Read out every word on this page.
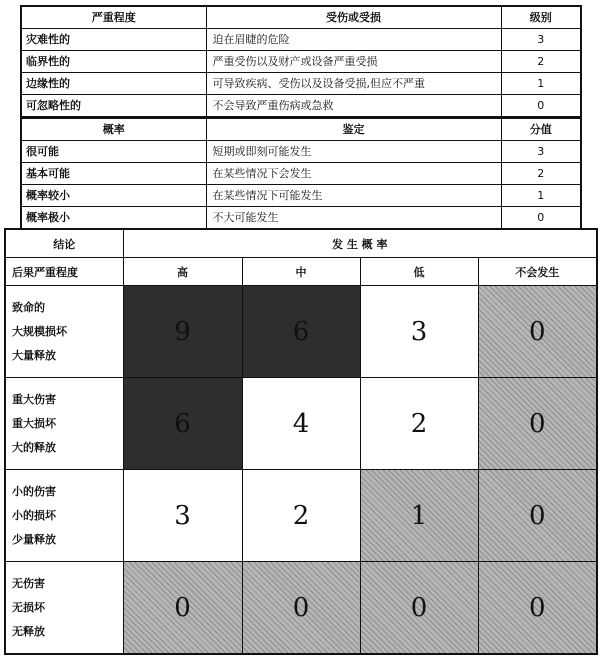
严重程度	受伤或受损	级别
灾难性的	迫在眉睫的危险	3
临界性的	严重受伤以及财产或设备严重受损	2
边缘性的	可导致疾病、受伤以及设备受损,但应不严重	1
可忽略性的	不会导致严重伤病或急救	0
概率	鉴定	分值
很可能	短期或即刻可能发生	3
基本可能	在某些情况下会发生	2
概率较小	在某些情况下可能发生	1
概率极小	不大可能发生	0
结论	发 生 概 率			
后果严重程度	高	中	低	不会发生

致命的
大规模损坏
大量释放	9	6	3	0

重大伤害
重大损坏
大的释放	6	4	2	0

小的伤害
小的损坏
少量释放	3	2	1	0

无伤害
无损坏
无释放	0	0	0	0
